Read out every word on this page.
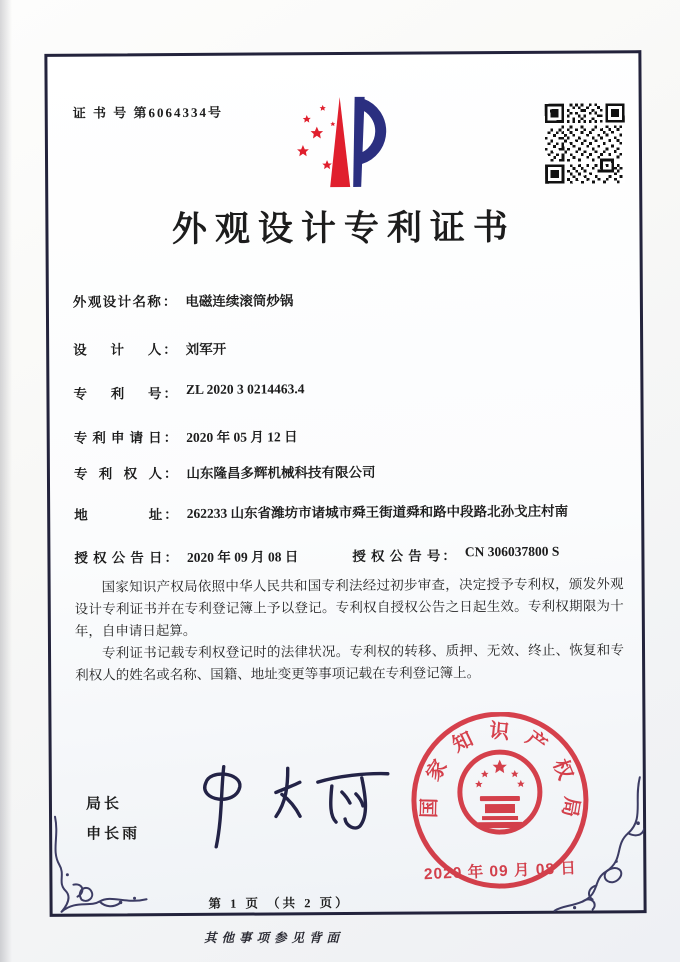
证 书 号 第6064334号
外观设计专利证书
外观设计名称 ： 电磁连续滚筒炒锅
设计人 ： 刘军开
专利号 ： ZL 2020 3 0214463.4
专利申请日 ： 2020 年 05 月 12 日
专利权人 ： 山东隆昌多辉机械科技有限公司
地址 ： 262233 山东省潍坊市诸城市舜王街道舜和路中段路北孙戈庄村南
授权公告日 ： 2020 年 09 月 08 日	授权公告号 ： CN 306037800 S

国家知识产权局依照中华人民共和国专利法经过初步审查，决定授予专利权，颁发外观设计专利证书并在专利登记簿上予以登记。专利权自授权公告之日起生效。专利权期限为十年，自申请日起算。

专利证书记载专利权登记时的法律状况。专利权的转移、质押、无效、终止、恢复和专利权人的姓名或名称、国籍、地址变更等事项记载在专利登记簿上。

局长
申长雨
国家知识产权局
2020 年 09 月 08 日
第 1 页 （共 2 页）
其他事项参见背面
